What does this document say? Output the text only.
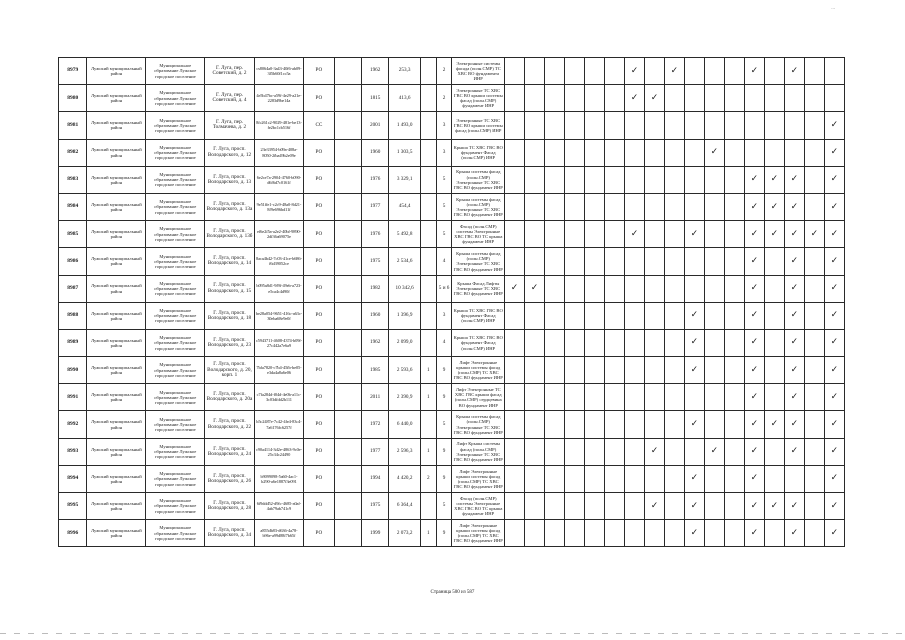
...
8979	Лужский муниципальный район	Муниципальное образование Лужское городское поселение	Г. Луга, пер. Советский, д. 2	cs8064a0-3a43-40f6-ab09-3f5b60f1cc5a	РО		1962	253,3		2	Электронные системы фасада (полн.СМР) ТС ХВС ВО фундамента ИНР							✓		✓				✓		✓		
8980	Лужский муниципальный район	Муниципальное образование Лужское городское поселение	Г. Луга, пер. Советский, д. 4	4e5b47bc-a59f-4e29-a21e-2283d9be14a	РО		1815	413,6		2	Электронные ТС ХВС ГВС ВО крыши системы фасад (полн.СМР) фундамент ИНР							✓	✓									
8981	Лужский муниципальный район	Муниципальное образование Лужское городское поселение	Г. Луга, пер. Толмачева, д. 2	8fc261c2-9029-481e-be13-fe2bc1cb516f	СС		2001	1 493,0		3	Электронные ТС ХВС ГВС ВО крыши системы фасад (полн.СМР) ИНР																	✓
8982	Лужский муниципальный район	Муниципальное образование Лужское городское поселение	Г. Луга, просп. Володарского, д. 12	23e33954-b09a-408a-8050-2fba49b2e09e	РО		1960	1 303,5		3	Крыша ТС ХВС ГВС ВО фундамент Фасад (полн.СМР) ИНР											✓						✓
8983	Лужский муниципальный район	Муниципальное образование Лужское городское поселение	Г. Луга, просп. Володарского, д. 13	6e2ce7a-2904-4760-b090-d6f6d7c0161f	РО		1976	3 329,1		5	Крыша системы фасад (полн.СМР) Электронные ТС ХВС ГВС ВО фундамент ИНР													✓	✓	✓		✓
8984	Лужский муниципальный район	Муниципальное образование Лужское городское поселение	Г. Луга, просп. Володарского, д. 13а	9e51ffe1-c2c9-48a0-8d21-8f9e696bd11f	РО		1977	454,4		5	Крыша системы фасад (полн.СМР) Электронные ТС ХВС ГВС ВО фундамент ИНР													✓	✓	✓		✓
8985	Лужский муниципальный район	Муниципальное образование Лужское городское поселение	Г. Луга, просп. Володарского, д. 13б	ef6e2f5a-a2e2-40bf-9890-2df36a69075e	РО		1976	5 492,8		5	Фасад (полн.СМР) системы Электронные ХВС ГВС ВО ТС крыша фундамент ИНР							✓			✓			✓	✓	✓	✓	✓
8986	Лужский муниципальный район	Муниципальное образование Лужское городское поселение	Г. Луга, просп. Володарского, д. 14	8aca4b42-7c03-41ce-b686-f6d39052ce	РО		1975	2 534,6		4	Крыша системы фасад (полн.СМР) Электронные ТС ХВС ГВС ВО фундамент ИНР													✓		✓		✓
8987	Лужский муниципальный район	Муниципальное образование Лужское городское поселение	Г. Луга, просп. Володарского, д. 15	b095a8d1-9f9f-49eb-a723-e5ca4c4d90f	РО		1982	10 342,6		5 и 6	Крыша Фасад Лифты Электронные ТС ХВС ГВС ВО фундамент ИНР	✓	✓											✓		✓		✓
8988	Лужский муниципальный район	Муниципальное образование Лужское городское поселение	Г. Луга, просп. Володарского, д. 18	be28a054-9651-416c-a63c-30eba68e9e0f	РО		1960	1 396,9		3	Крыша ТС ХВС ГВС ВО фундамент Фасад (полн.СМР) ИНР										✓			✓		✓		✓
8989	Лужский муниципальный район	Муниципальное образование Лужское городское поселение	Г. Луга, просп. Володарского, д. 23	c5943711-4608-4374-b09f-27c442a7e6a9	РО		1962	2 099,0		4	Крыша ТС ХВС ГВС ВО фундамент Фасад (полн.СМР) ИНР										✓			✓		✓		✓
8990	Лужский муниципальный район	Муниципальное образование Лужское городское поселение	Г. Луга, просп. Володарского, д. 20, корп. 1	7bfa7820-c7b4-45fb-be05-e3da4a8a6e06	РО		1985	2 593,6	1	9	Лифт Электронные крыши системы фасад (полн.СМР) ТС ХВС ГВС ВО фундамент ИНР										✓			✓		✓		✓
8991	Лужский муниципальный район	Муниципальное образование Лужское городское поселение	Г. Луга, просп. Володарского, д. 20а	c7fa284d-f04d-4e0b-a11c-3c03dfdd2b111	РО		2011	2 390,9	1	9	Лифт Электронные ТС ХВС ГВС крыши фасад (полн.СМР) сердцевина ВО фундамент ИНР													✓		✓		✓
8992	Лужский муниципальный район	Муниципальное образование Лужское городское поселение	Г. Луга, просп. Володарского, д. 22	b5c2487e-7c42-4fe4-83c4-7a6176fc6257f	РО		1972	6 440,0		5	Крыша системы фасад (полн.СМР) Электронные ТС ХВС ГВС ВО фундамент ИНР										✓			✓	✓	✓		✓
8993	Лужский муниципальный район	Муниципальное образование Лужское городское поселение	Г. Луга, просп. Володарского, д. 24	c90a4114-3d2e-4863-9c0e-25c34c24490	РО		1977	2 596,3	1	9	Лифт Крыша системы фасад (полн.СМР) Электронные ТС ХВС ГВС ВО фундамент ИНР								✓			✓		✓		✓		✓
8994	Лужский муниципальный район	Муниципальное образование Лужское городское поселение	Г. Луга, просп. Володарского, д. 26	b9099098-5a60-4ac1-b290-a6e1887f3e091	РО		1994	4 420,2	2	9	Лифт Электронные крыши системы фасад (полн.СМР) ТС ХВС ГВС ВО фундамент ИНР										✓			✓				✓
8995	Лужский муниципальный район	Муниципальное образование Лужское городское поселение	Г. Луга, просп. Володарского, д. 28	6f9ddd52-d9fc-4685-a0af-4ab79ab741c9	РО		1975	6 364,4		5	Фасад (полн.СМР) системы Электронные ХВС ГВС ВО ТС крыша фундамент ИНР								✓		✓			✓	✓	✓		✓
8996	Лужский муниципальный район	Муниципальное образование Лужское городское поселение	Г. Луга, просп. Володарского, д. 34	a855db83-d636-4a78-b96e-a99d88f7b65f	РО		1999	2 073,2	1	9	Лифт Электронные крыши системы фасад (полн.СМР) ТС ХВС ГВС ВО фундамент ИНР										✓			✓		✓		✓
Страница 500 из 587
